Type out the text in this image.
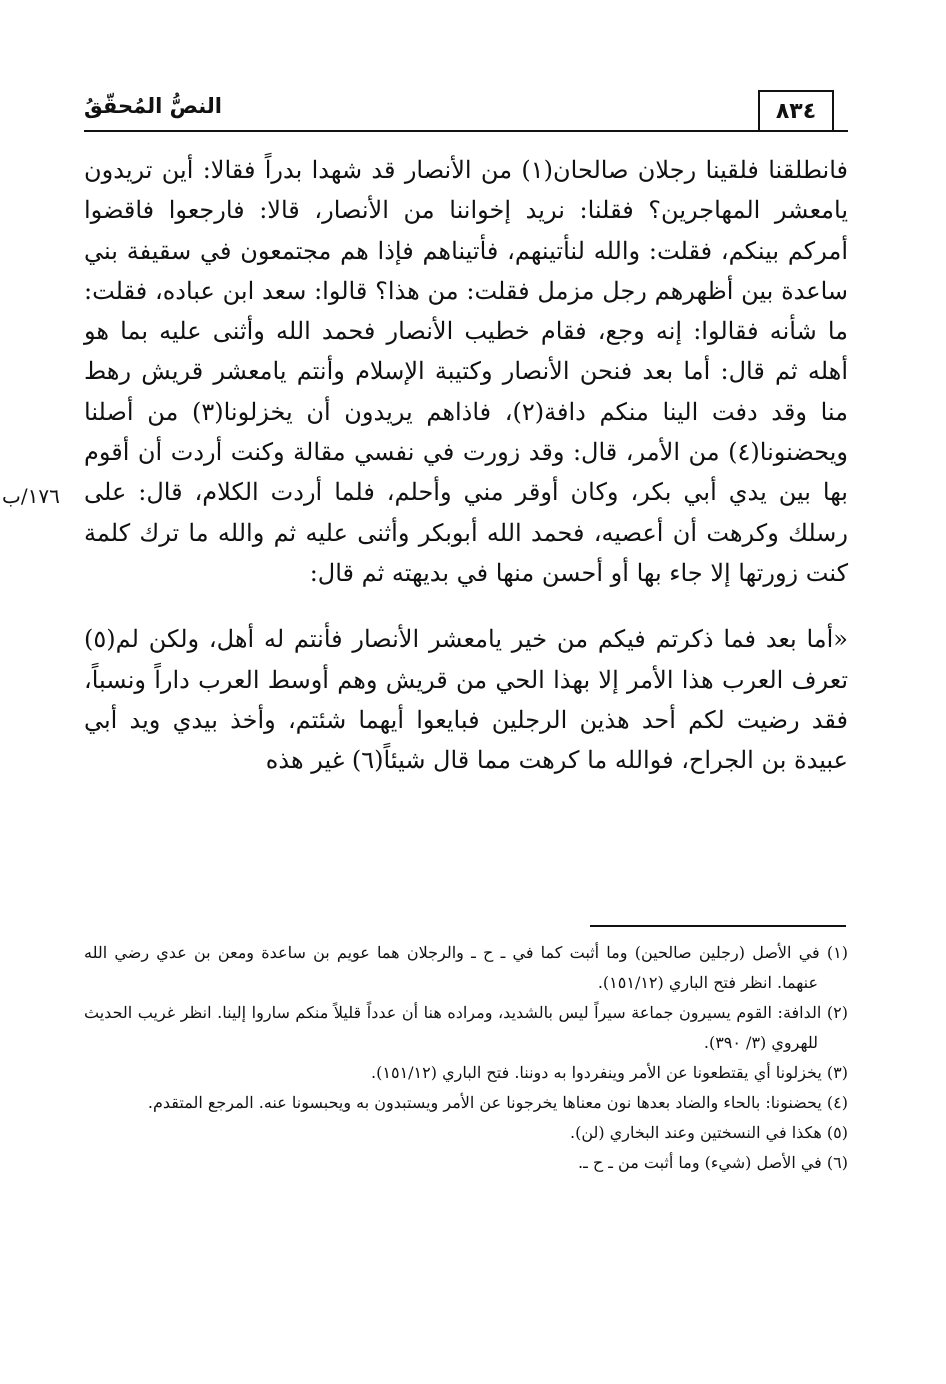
٨٣٤
النصُّ المُحقّقُ
١٧٦/ب

فانطلقنا فلقينا رجلان صالحان(١) من الأنصار قد شهدا بدراً فقالا: أين تريدون يامعشر المهاجرين؟ فقلنا: نريد إخواننا من الأنصار، قالا: فارجعوا فاقضوا أمركم بينكم، فقلت: والله لنأتينهم، فأتيناهم فإذا هم مجتمعون في سقيفة بني ساعدة بين أظهرهم رجل مزمل فقلت: من هذا؟ قالوا: سعد ابن عباده، فقلت: ما شأنه فقالوا: إنه وجع، فقام خطيب الأنصار فحمد الله وأثنى عليه بما هو أهله ثم قال: أما بعد فنحن الأنصار وكتيبة الإسلام وأنتم يامعشر قريش رهط منا وقد دفت الينا منكم دافة(٢)، فاذاهم يريدون أن يخزلونا(٣) من أصلنا ويحضنونا(٤) من الأمر، قال: وقد زورت في نفسي مقالة وكنت أردت أن أقوم بها بين يدي أبي بكر، وكان أوقر مني وأحلم، فلما أردت الكلام، قال: على رسلك وكرهت أن أعصيه، فحمد الله أبوبكر وأثنى عليه ثم والله ما ترك كلمة كنت زورتها إلا جاء بها أو أحسن منها في بديهته ثم قال:

«أما بعد فما ذكرتم فيكم من خير يامعشر الأنصار فأنتم له أهل، ولكن لم(٥) تعرف العرب هذا الأمر إلا بهذا الحي من قريش وهم أوسط العرب داراً ونسباً، فقد رضيت لكم أحد هذين الرجلين فبايعوا أيهما شئتم، وأخذ بيدي ويد أبي عبيدة بن الجراح، فوالله ما كرهت مما قال شيئاً(٦) غير هذه

(١) في الأصل (رجلين صالحين) وما أثبت كما في ـ ح ـ والرجلان هما عويم بن ساعدة ومعن بن عدي رضي الله عنهما. انظر فتح الباري (١٥١/١٢).

(٢) الدافة: القوم يسيرون جماعة سيراً ليس بالشديد، ومراده هنا أن عدداً قليلاً منكم ساروا إلينا. انظر غريب الحديث للهروي (٣/ ٣٩٠).

(٣) يخزلونا أي يقتطعونا عن الأمر وينفردوا به دوننا. فتح الباري (١٥١/١٢).

(٤) يحضنونا: بالحاء والضاد بعدها نون معناها يخرجونا عن الأمر ويستبدون به ويحبسونا عنه. المرجع المتقدم.

(٥) هكذا في النسختين وعند البخاري (لن).

(٦) في الأصل (شيء) وما أثبت من ـ ح ـ.
